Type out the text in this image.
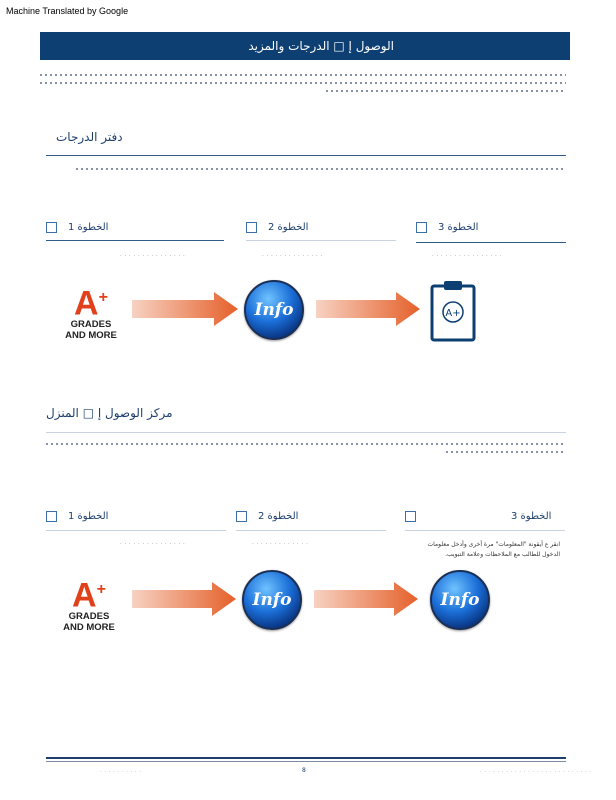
Machine Translated by Google
الوصول إ □ الدرجات والمزيد
دفتر الدرجات
الخطوة 1
· · · · · · · · · · · · · · ·
الخطوة 2
· · · · · · · · · · · · · ·
الخطوة 3
· · · · · · · · · · · · · · · ·
A+
GRADES
AND MORE
Info	A+
مركز الوصول إ □ المنزل
الخطوة 1
· · · · · · · · · · · · · · ·
الخطوة 2
· · · · · · · · · · · · ·
الخطوة 3
انقر ع أيقونة "المعلومات" مرة أخرى وأدخل معلومات الدخول للطالب مع الملاحظات وعلامة التبويب.
A+
GRADES
AND MORE
Info	Info
· · · · · · · · · ·	8	· · · · · · · · · · · · · · · · · · · · · · · · · ·
